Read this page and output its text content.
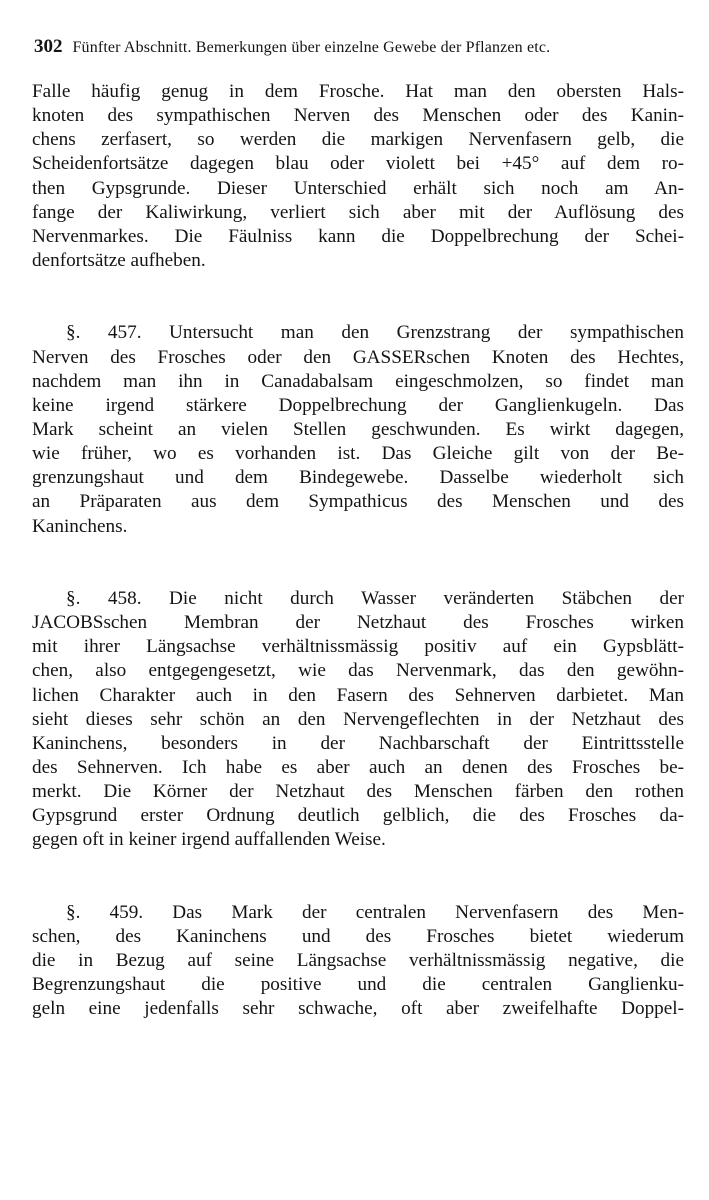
302 Fünfter Abschnitt. Bemerkungen über einzelne Gewebe der Pflanzen etc.
Falle häufig genug in dem Frosche. Hat man den obersten Hals-
knoten des sympathischen Nerven des Menschen oder des Kanin-
chens zerfasert, so werden die markigen Nervenfasern gelb, die
Scheidenfortsätze dagegen blau oder violett bei +45° auf dem ro-
then Gypsgrunde. Dieser Unterschied erhält sich noch am An-
fange der Kaliwirkung, verliert sich aber mit der Auflösung des
Nervenmarkes. Die Fäulniss kann die Doppelbrechung der Schei-
denfortsätze aufheben.
§. 457. Untersucht man den Grenzstrang der sympathischen
Nerven des Frosches oder den GASSERschen Knoten des Hechtes,
nachdem man ihn in Canadabalsam eingeschmolzen, so findet man
keine irgend stärkere Doppelbrechung der Ganglienkugeln. Das
Mark scheint an vielen Stellen geschwunden. Es wirkt dagegen,
wie früher, wo es vorhanden ist. Das Gleiche gilt von der Be-
grenzungshaut und dem Bindegewebe. Dasselbe wiederholt sich
an Präparaten aus dem Sympathicus des Menschen und des
Kaninchens.
§. 458. Die nicht durch Wasser veränderten Stäbchen der
JACOBSschen Membran der Netzhaut des Frosches wirken
mit ihrer Längsachse verhältnissmässig positiv auf ein Gypsblätt-
chen, also entgegengesetzt, wie das Nervenmark, das den gewöhn-
lichen Charakter auch in den Fasern des Sehnerven darbietet. Man
sieht dieses sehr schön an den Nervengeflechten in der Netzhaut des
Kaninchens, besonders in der Nachbarschaft der Eintrittsstelle
des Sehnerven. Ich habe es aber auch an denen des Frosches be-
merkt. Die Körner der Netzhaut des Menschen färben den rothen
Gypsgrund erster Ordnung deutlich gelblich, die des Frosches da-
gegen oft in keiner irgend auffallenden Weise.
§. 459. Das Mark der centralen Nervenfasern des Men-
schen, des Kaninchens und des Frosches bietet wiederum
die in Bezug auf seine Längsachse verhältnissmässig negative, die
Begrenzungshaut die positive und die centralen Ganglienku-
geln eine jedenfalls sehr schwache, oft aber zweifelhafte Doppel-
